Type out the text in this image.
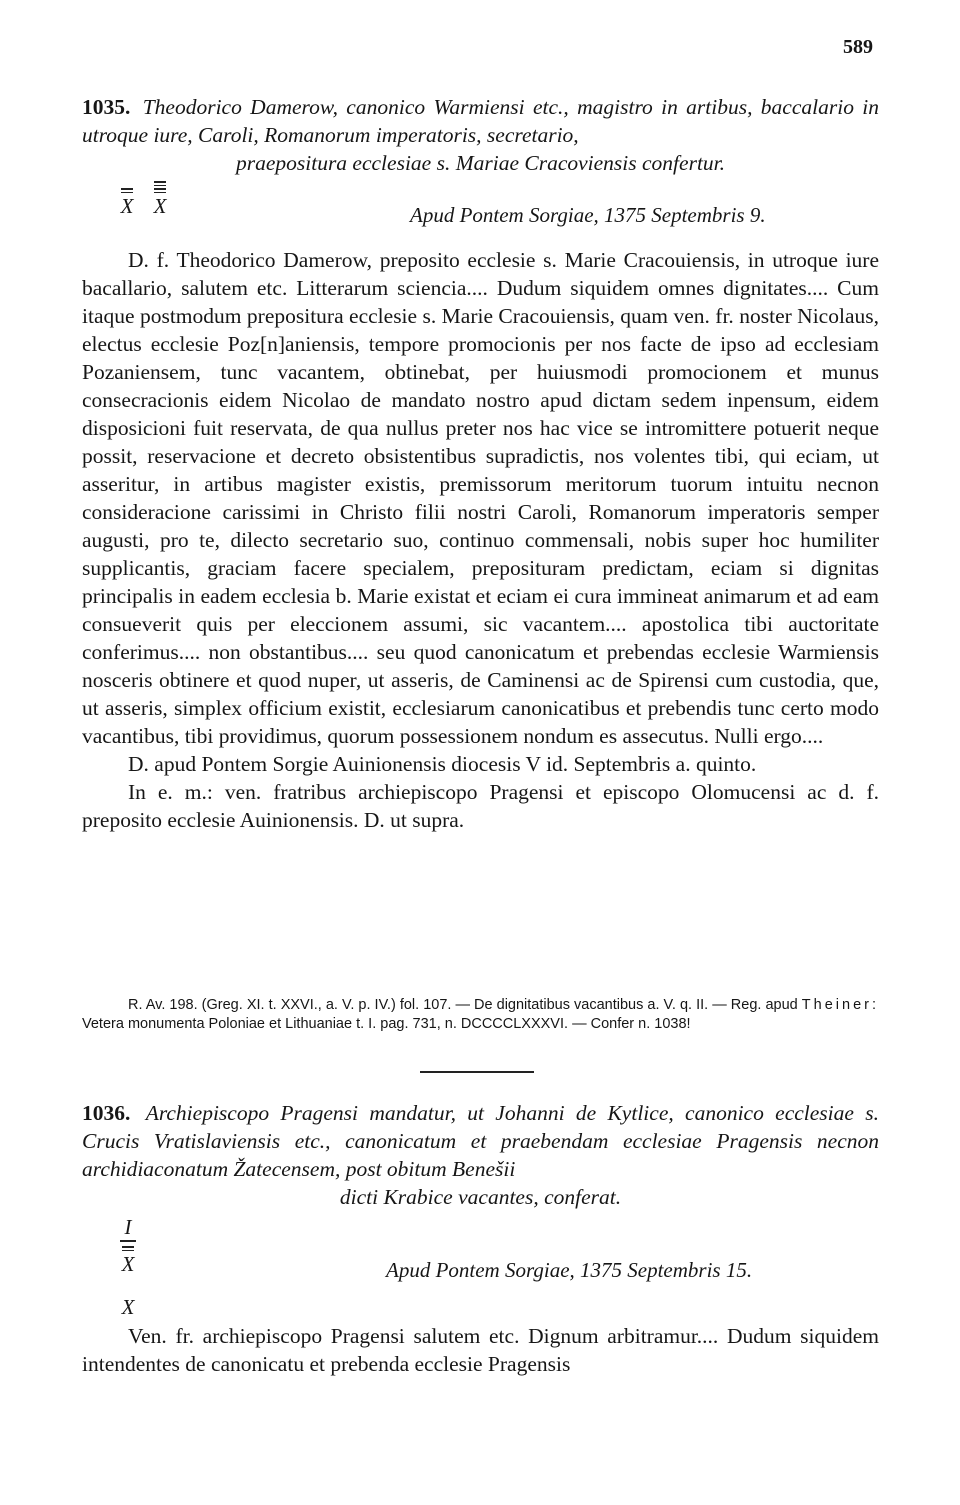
589
1035. Theodorico Damerow, canonico Warmiensi etc., magistro in artibus, baccalario in utroque iure, Caroli, Romanorum imperatoris, secretario,
praepositura ecclesiae s. Mariae Cracoviensis confertur.
X X	Apud Pontem Sorgiae, 1375 Septembris 9.

D. f. Theodorico Damerow, preposito ecclesie s. Marie Cracouiensis, in utroque iure bacallario, salutem etc. Litterarum sciencia.... Dudum siquidem omnes dignitates.... Cum itaque postmodum prepositura ecclesie s. Marie Cracouiensis, quam ven. fr. noster Nicolaus, electus ecclesie Poz[n]aniensis, tempore promocionis per nos facte de ipso ad ecclesiam Pozaniensem, tunc vacantem, obtinebat, per huiusmodi promocionem et munus consecracionis eidem Nicolao de mandato nostro apud dictam sedem inpensum, eidem disposicioni fuit reservata, de qua nullus preter nos hac vice se intromittere potuerit neque possit, reservacione et decreto obsistentibus supradictis, nos volentes tibi, qui eciam, ut asseritur, in artibus magister existis, premissorum meritorum tuorum intuitu necnon consideracione carissimi in Christo filii nostri Caroli, Romanorum imperatoris semper augusti, pro te, dilecto secretario suo, continuo commensali, nobis super hoc humiliter supplicantis, graciam facere specialem, preposituram predictam, eciam si dignitas principalis in eadem ecclesia b. Marie existat et eciam ei cura immineat animarum et ad eam consueverit quis per eleccionem assumi, sic vacantem.... apostolica tibi auctoritate conferimus.... non obstantibus.... seu quod canonicatum et prebendas ecclesie Warmiensis nosceris obtinere et quod nuper, ut asseris, de Caminensi ac de Spirensi cum custodia, que, ut asseris, simplex officium existit, ecclesiarum canonicatibus et prebendis tunc certo modo vacantibus, tibi providimus, quorum possessionem nondum es assecutus. Nulli ergo....

D. apud Pontem Sorgie Auinionensis diocesis V id. Septembris a. quinto.

In e. m.: ven. fratribus archiepiscopo Pragensi et episcopo Olomucensi ac d. f. preposito ecclesie Auinionensis. D. ut supra.

R. Av. 198. (Greg. XI. t. XXVI., a. V. p. IV.) fol. 107. — De dignitatibus vacantibus a. V. q. II. — Reg. apud Theiner: Vetera monumenta Poloniae et Lithuaniae t. I. pag. 731, n. DCCCCLXXXVI. — Confer n. 1038!

1036. Archiepiscopo Pragensi mandatur, ut Johanni de Kytlice, canonico ecclesiae s. Crucis Vratislaviensis etc., canonicatum et praebendam ecclesiae Pragensis necnon archidiaconatum Žatecensem, post obitum Benešii
dicti Krabice vacantes, conferat.
I
X
X
Apud Pontem Sorgiae, 1375 Septembris 15.

Ven. fr. archiepiscopo Pragensi salutem etc. Dignum arbitramur.... Dudum siquidem intendentes de canonicatu et prebenda ecclesie Pragensis
